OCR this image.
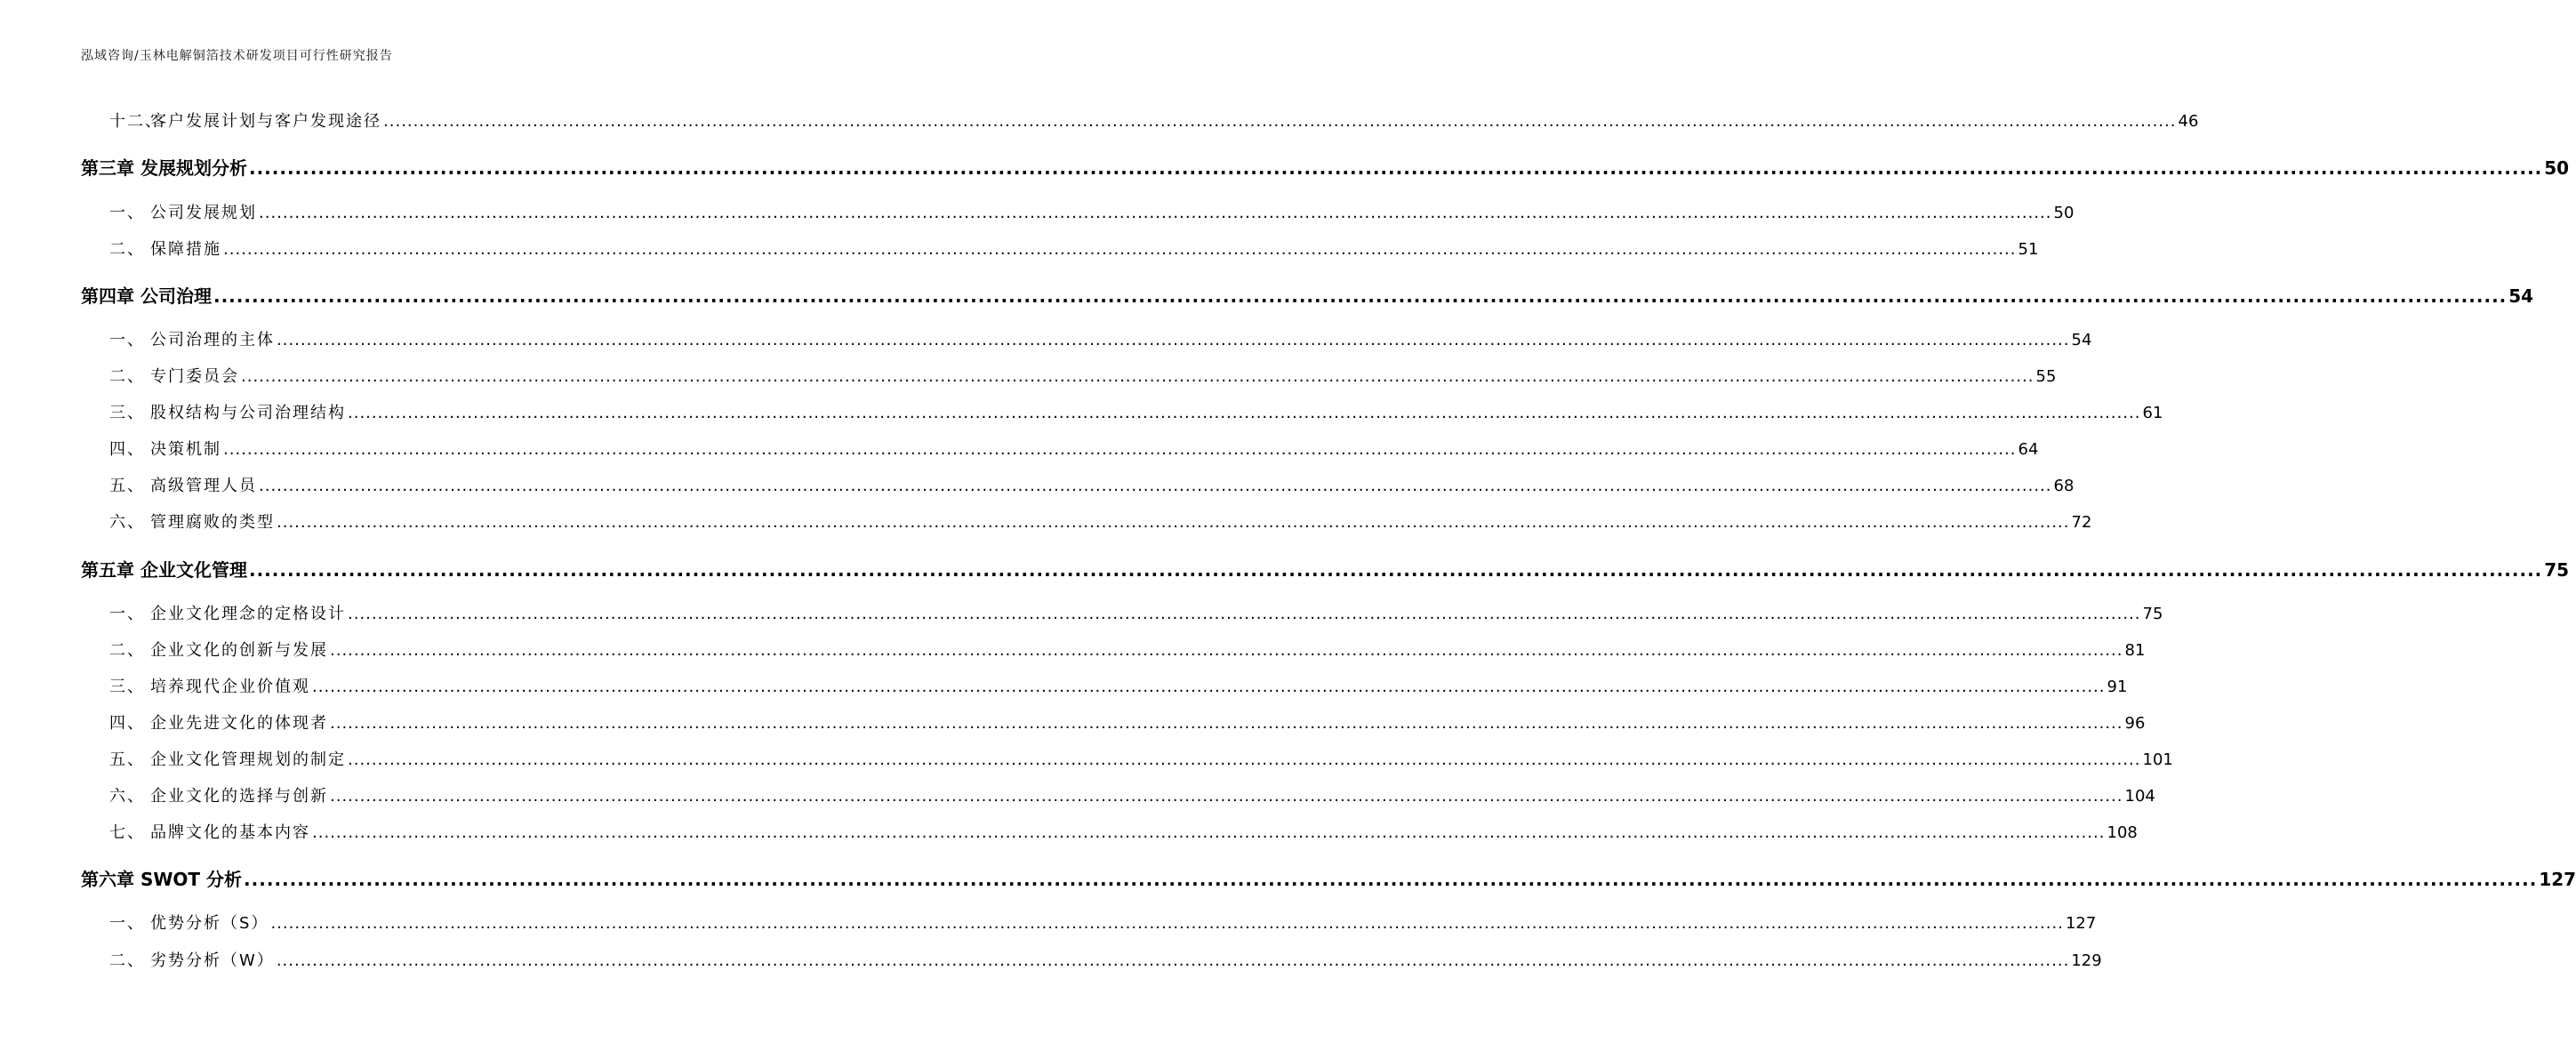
泓域咨询/玉林电解铜箔技术研发项目可行性研究报告
十二、客户发展计划与客户发现途径 ............................................................................................................................................................................................................................................................................................................ 46
第三章 发展规划分析 ............................................................................................................................................................................................................................................................................................................ 50
一、 公司发展规划 ............................................................................................................................................................................................................................................................................................................ 50
二、 保障措施 ............................................................................................................................................................................................................................................................................................................ 51
第四章 公司治理 ............................................................................................................................................................................................................................................................................................................ 54
一、 公司治理的主体 ............................................................................................................................................................................................................................................................................................................ 54
二、 专门委员会 ............................................................................................................................................................................................................................................................................................................ 55
三、 股权结构与公司治理结构 ............................................................................................................................................................................................................................................................................................................ 61
四、 决策机制 ............................................................................................................................................................................................................................................................................................................ 64
五、 高级管理人员 ............................................................................................................................................................................................................................................................................................................ 68
六、 管理腐败的类型 ............................................................................................................................................................................................................................................................................................................ 72
第五章 企业文化管理 ............................................................................................................................................................................................................................................................................................................ 75
一、 企业文化理念的定格设计 ............................................................................................................................................................................................................................................................................................................ 75
二、 企业文化的创新与发展 ............................................................................................................................................................................................................................................................................................................ 81
三、 培养现代企业价值观 ............................................................................................................................................................................................................................................................................................................ 91
四、 企业先进文化的体现者 ............................................................................................................................................................................................................................................................................................................ 96
五、 企业文化管理规划的制定 ............................................................................................................................................................................................................................................................................................................ 101
六、 企业文化的选择与创新 ............................................................................................................................................................................................................................................................................................................ 104
七、 品牌文化的基本内容 ............................................................................................................................................................................................................................................................................................................ 108
第六章 SWOT 分析 ............................................................................................................................................................................................................................................................................................................ 127
一、 优势分析（S） ............................................................................................................................................................................................................................................................................................................ 127
二、 劣势分析（W） ............................................................................................................................................................................................................................................................................................................ 129
